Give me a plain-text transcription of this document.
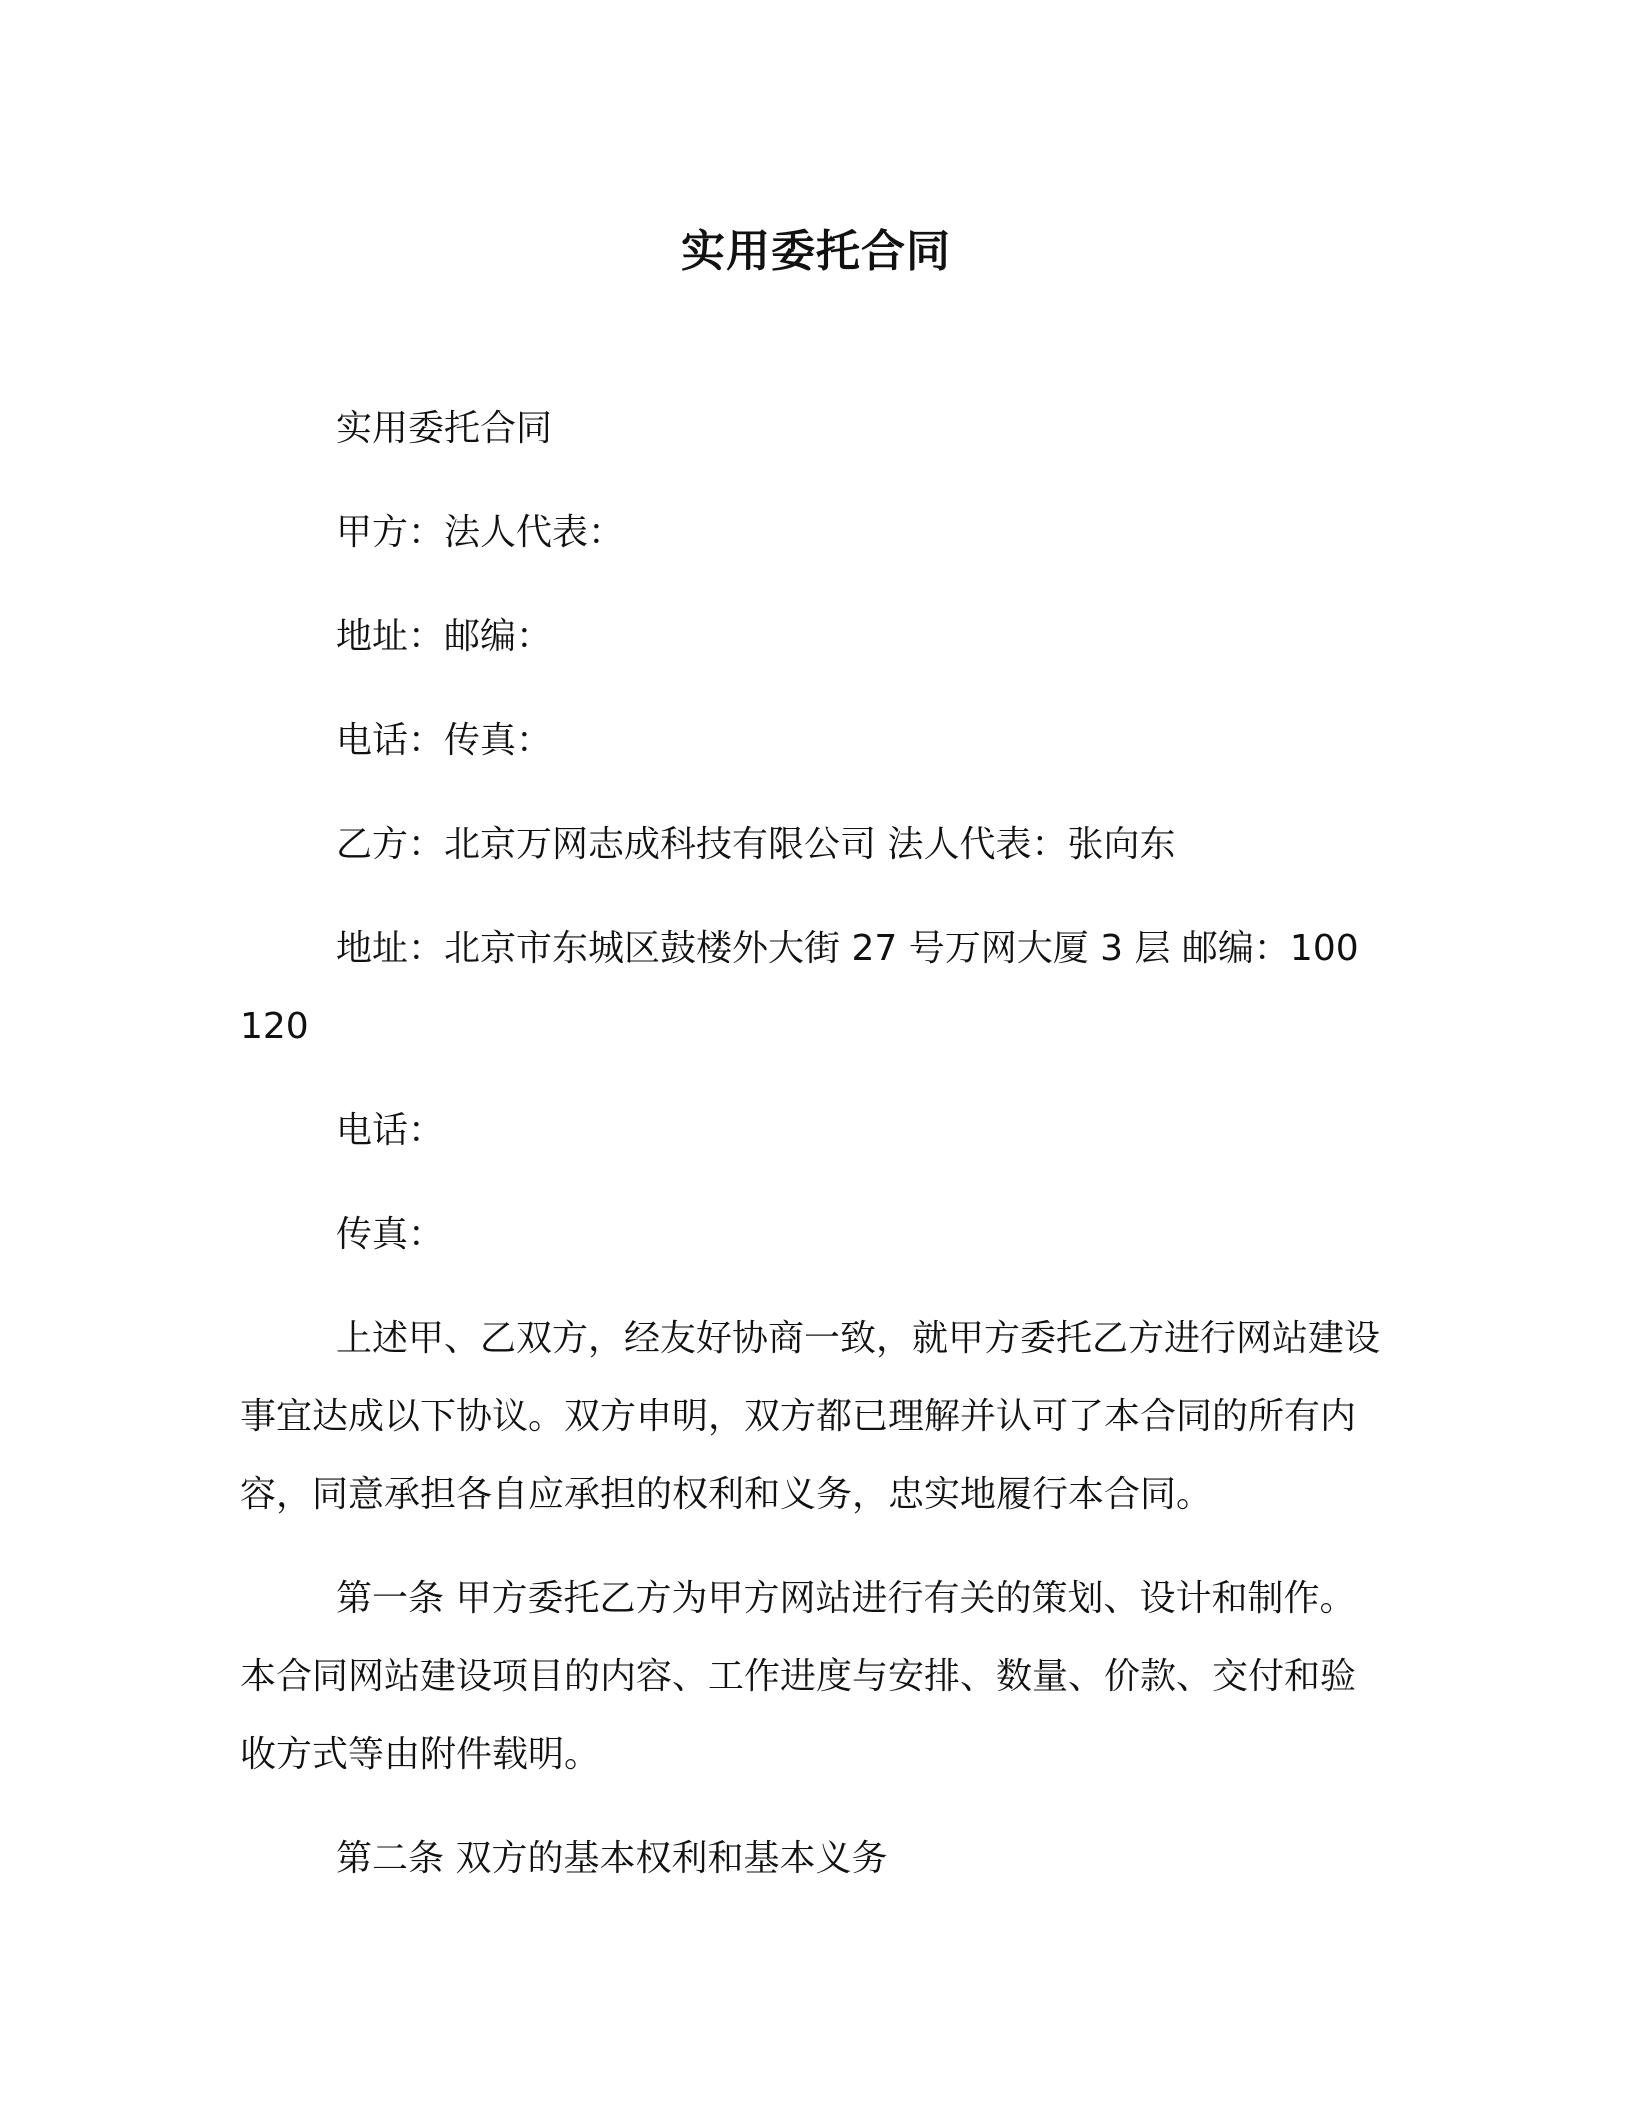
实用委托合同

实用委托合同

甲方：法人代表：

地址：邮编：

电话：传真：

乙方：北京万网志成科技有限公司 法人代表：张向东

地址：北京市东城区鼓楼外大街 27 号万网大厦 3 层 邮编：100120

电话：

传真：

上述甲、乙双方，经友好协商一致，就甲方委托乙方进行网站建设事宜达成以下协议。双方申明，双方都已理解并认可了本合同的所有内容，同意承担各自应承担的权利和义务，忠实地履行本合同。

第一条 甲方委托乙方为甲方网站进行有关的策划、设计和制作。本合同网站建设项目的内容、工作进度与安排、数量、价款、交付和验收方式等由附件载明。

第二条 双方的基本权利和基本义务
